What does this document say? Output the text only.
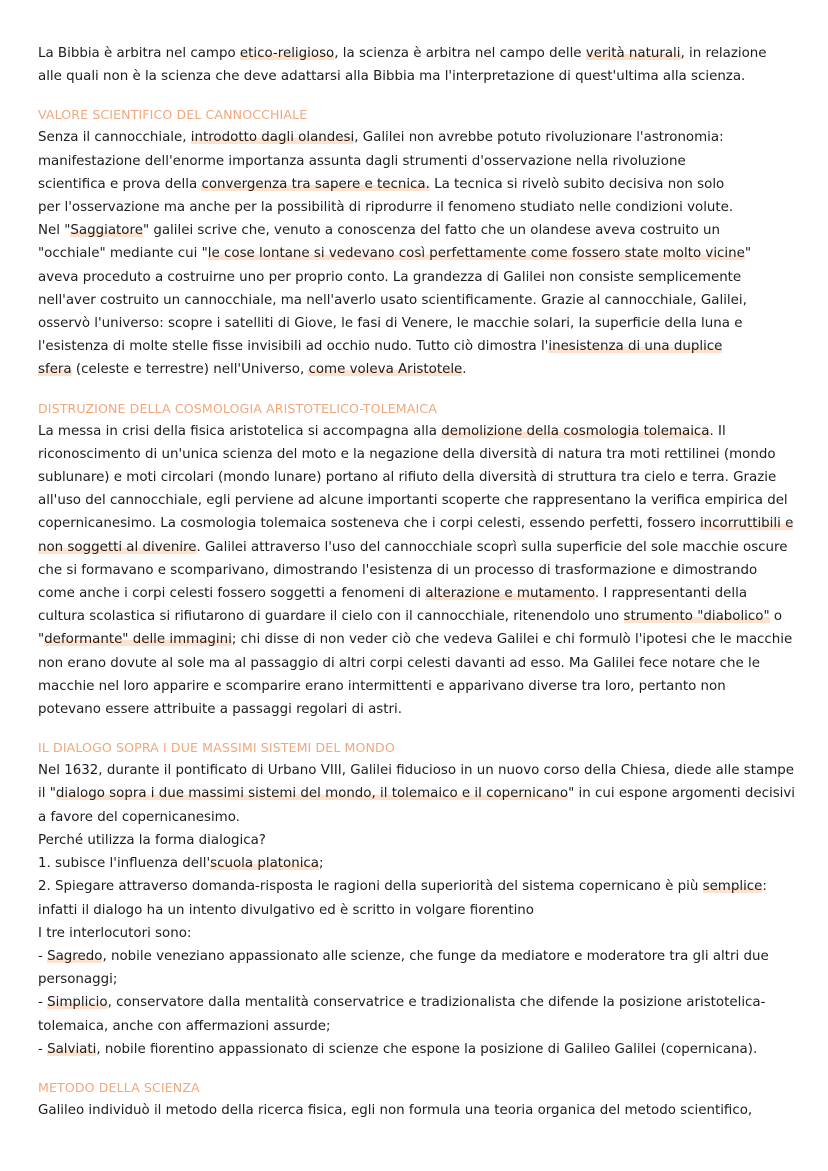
La Bibbia è arbitra nel campo etico-religioso, la scienza è arbitra nel campo delle verità naturali, in relazione

alle quali non è la scienza che deve adattarsi alla Bibbia ma l'interpretazione di quest'ultima alla scienza.

VALORE SCIENTIFICO DEL CANNOCCHIALE

Senza il cannocchiale, introdotto dagli olandesi, Galilei non avrebbe potuto rivoluzionare l'astronomia:

manifestazione dell'enorme importanza assunta dagli strumenti d'osservazione nella rivoluzione

scientifica e prova della convergenza tra sapere e tecnica. La tecnica si rivelò subito decisiva non solo

per l'osservazione ma anche per la possibilità di riprodurre il fenomeno studiato nelle condizioni volute.

Nel "Saggiatore" galilei scrive che, venuto a conoscenza del fatto che un olandese aveva costruito un

"occhiale" mediante cui "le cose lontane si vedevano così perfettamente come fossero state molto vicine"

aveva proceduto a costruirne uno per proprio conto. La grandezza di Galilei non consiste semplicemente

nell'aver costruito un cannocchiale, ma nell'averlo usato scientificamente. Grazie al cannocchiale, Galilei,

osservò l'universo: scopre i satelliti di Giove, le fasi di Venere, le macchie solari, la superficie della luna e

l'esistenza di molte stelle fisse invisibili ad occhio nudo. Tutto ciò dimostra l'inesistenza di una duplice

sfera (celeste e terrestre) nell'Universo, come voleva Aristotele.

DISTRUZIONE DELLA COSMOLOGIA ARISTOTELICO-TOLEMAICA

La messa in crisi della fisica aristotelica si accompagna alla demolizione della cosmologia tolemaica. Il

riconoscimento di un'unica scienza del moto e la negazione della diversità di natura tra moti rettilinei (mondo

sublunare) e moti circolari (mondo lunare) portano al rifiuto della diversità di struttura tra cielo e terra. Grazie

all'uso del cannocchiale, egli perviene ad alcune importanti scoperte che rappresentano la verifica empirica del

copernicanesimo. La cosmologia tolemaica sosteneva che i corpi celesti, essendo perfetti, fossero incorruttibili e

non soggetti al divenire. Galilei attraverso l'uso del cannocchiale scoprì sulla superficie del sole macchie oscure

che si formavano e scomparivano, dimostrando l'esistenza di un processo di trasformazione e dimostrando

come anche i corpi celesti fossero soggetti a fenomeni di alterazione e mutamento. I rappresentanti della

cultura scolastica si rifiutarono di guardare il cielo con il cannocchiale, ritenendolo uno strumento "diabolico" o

"deformante" delle immagini; chi disse di non veder ciò che vedeva Galilei e chi formulò l'ipotesi che le macchie

non erano dovute al sole ma al passaggio di altri corpi celesti davanti ad esso. Ma Galilei fece notare che le

macchie nel loro apparire e scomparire erano intermittenti e apparivano diverse tra loro, pertanto non

potevano essere attribuite a passaggi regolari di astri.

IL DIALOGO SOPRA I DUE MASSIMI SISTEMI DEL MONDO

Nel 1632, durante il pontificato di Urbano VIII, Galilei fiducioso in un nuovo corso della Chiesa, diede alle stampe

il "dialogo sopra i due massimi sistemi del mondo, il tolemaico e il copernicano" in cui espone argomenti decisivi

a favore del copernicanesimo.

Perché utilizza la forma dialogica?

1. subisce l'influenza dell'scuola platonica;

2. Spiegare attraverso domanda-risposta le ragioni della superiorità del sistema copernicano è più semplice:

infatti il dialogo ha un intento divulgativo ed è scritto in volgare fiorentino

I tre interlocutori sono:

- Sagredo, nobile veneziano appassionato alle scienze, che funge da mediatore e moderatore tra gli altri due

personaggi;

- Simplicio, conservatore dalla mentalità conservatrice e tradizionalista che difende la posizione aristotelica-

tolemaica, anche con affermazioni assurde;

- Salviati, nobile fiorentino appassionato di scienze che espone la posizione di Galileo Galilei (copernicana).

METODO DELLA SCIENZA

Galileo individuò il metodo della ricerca fisica, egli non formula una teoria organica del metodo scientifico,
